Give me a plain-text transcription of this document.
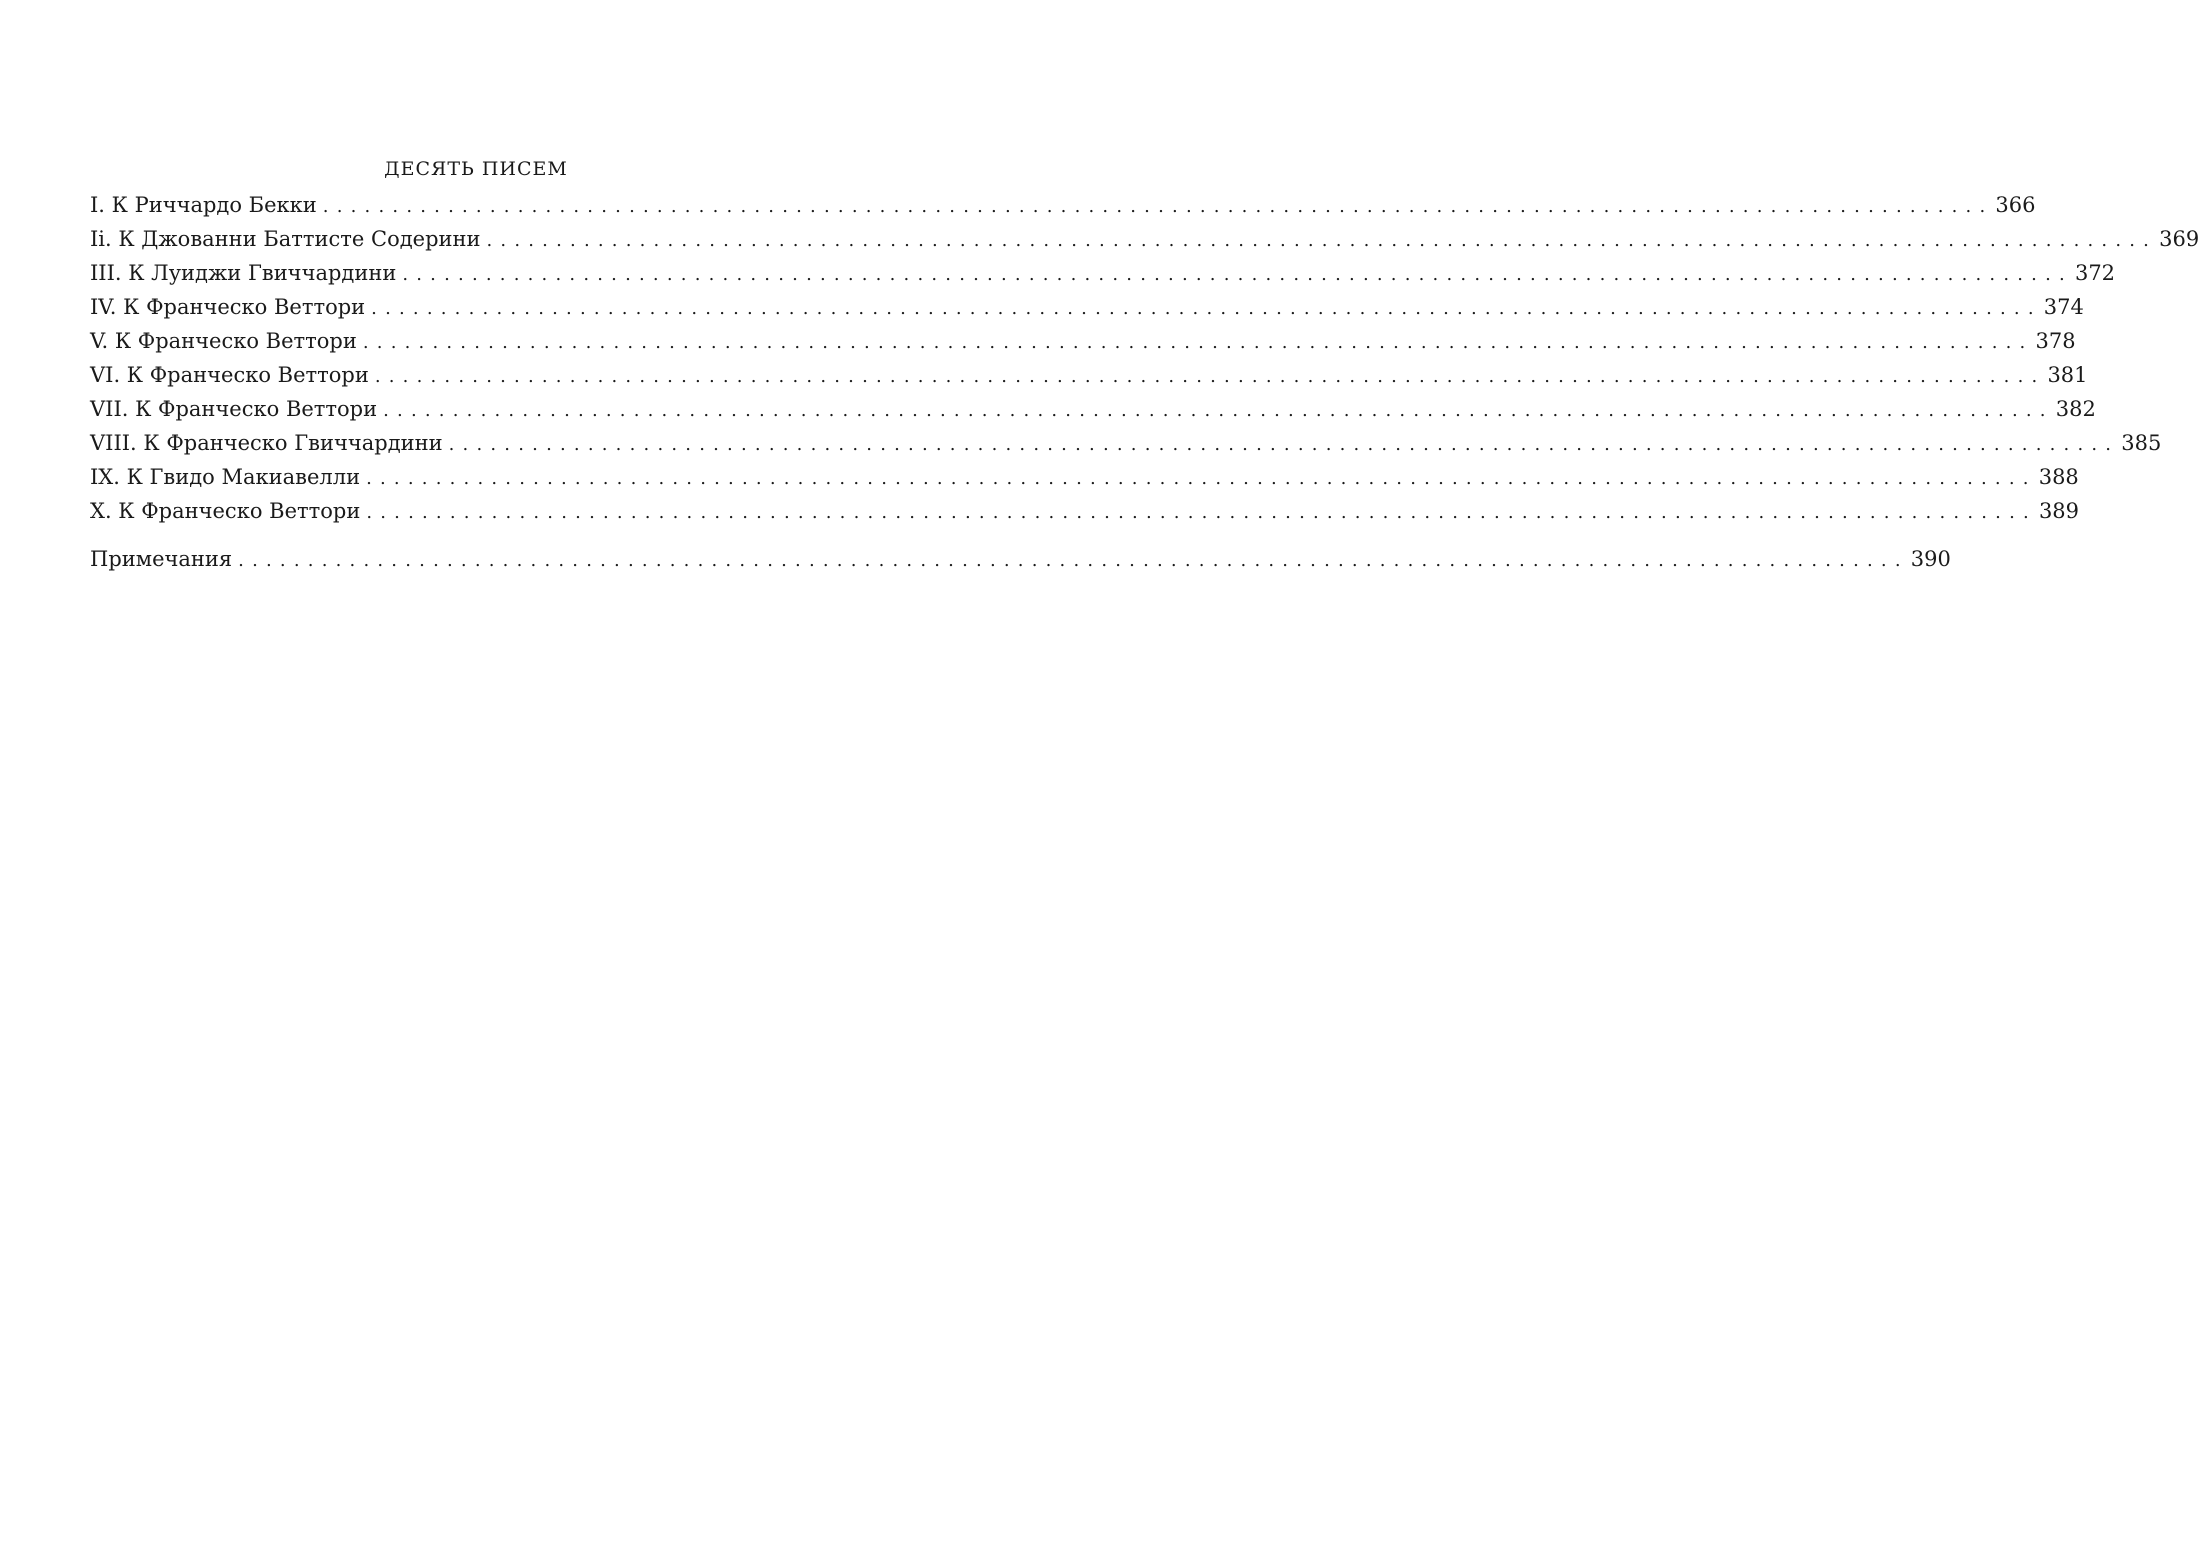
ДЕСЯТЬ ПИСЕМ
I. К Риччардо Бекки ........................................................................................................................ 366
Ii. К Джованни Баттисте Содерини ........................................................................................................................ 369
III. К Луиджи Гвиччардини ........................................................................................................................ 372
IV. К Франческо Веттори ........................................................................................................................ 374
V. К Франческо Веттори ........................................................................................................................ 378
VI. К Франческо Веттори ........................................................................................................................ 381
VII. К Франческо Веттори ........................................................................................................................ 382
VIII. К Франческо Гвиччардини ........................................................................................................................ 385
IX. К Гвидо Макиавелли ........................................................................................................................ 388
X. К Франческо Веттори ........................................................................................................................ 389
Примечания ........................................................................................................................ 390
